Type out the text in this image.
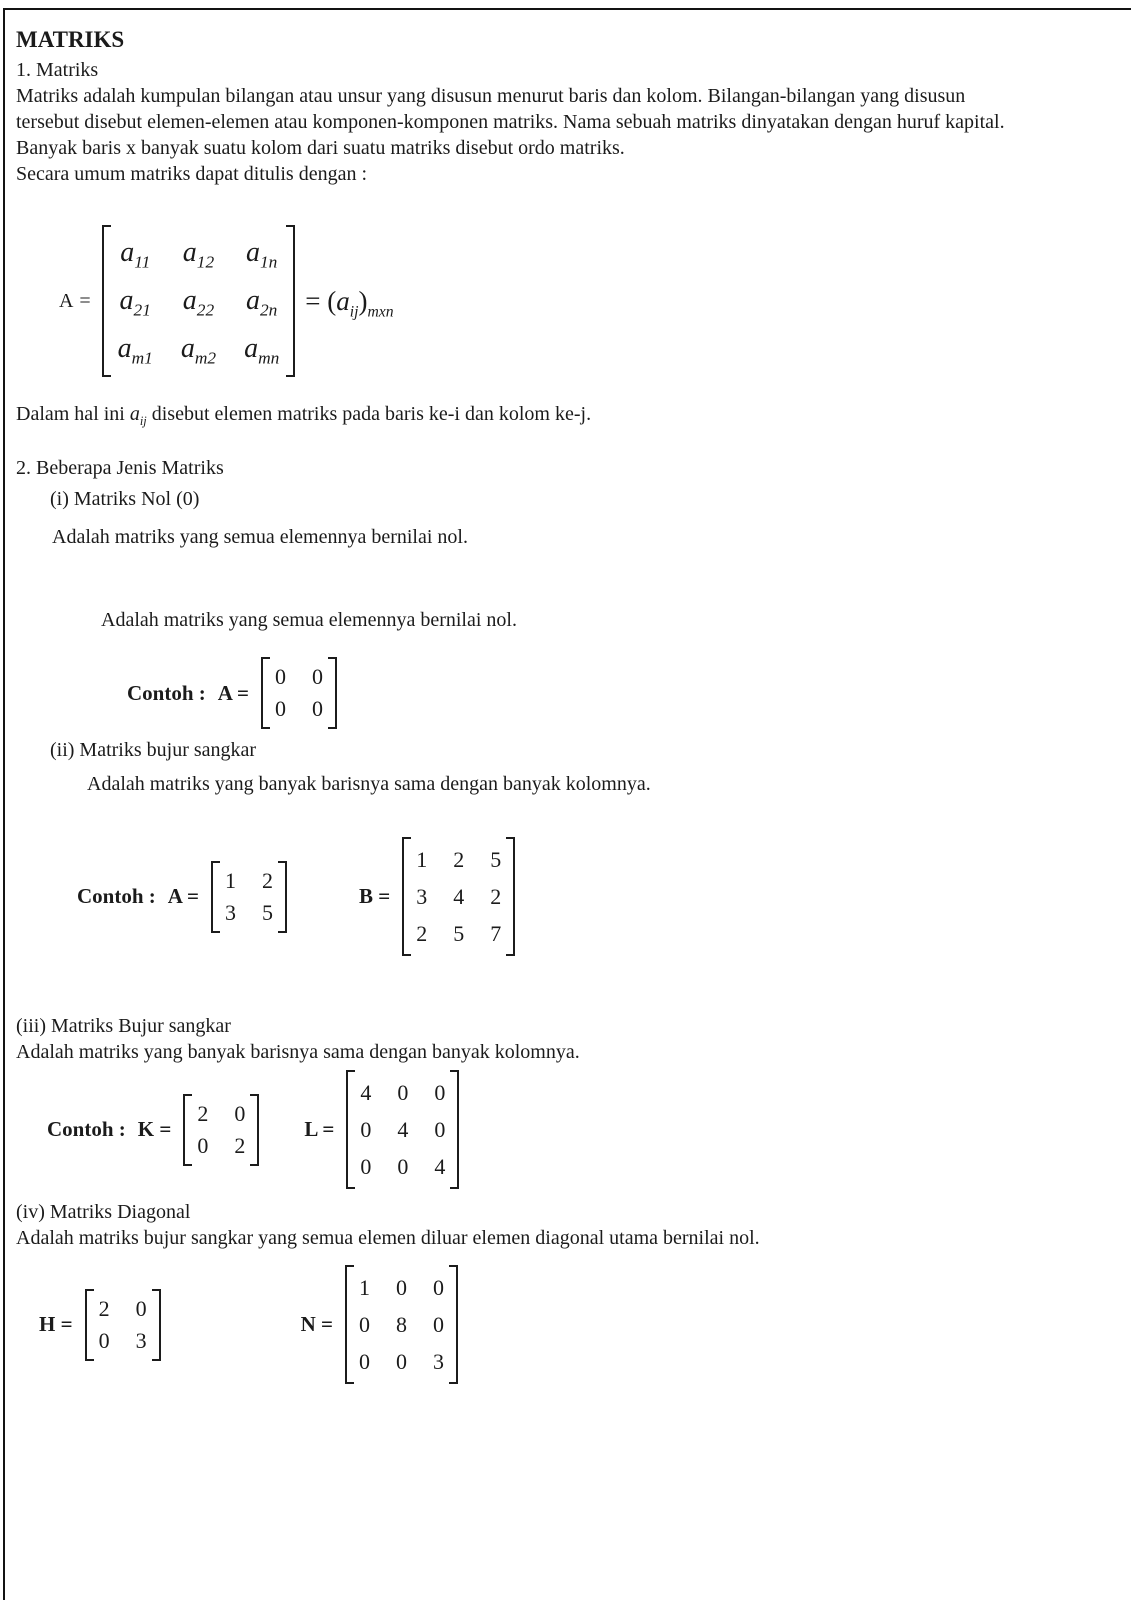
MATRIKS
1. Matriks
Matriks adalah kumpulan bilangan atau unsur yang disusun menurut baris dan kolom. Bilangan-bilangan yang disusun
tersebut disebut elemen-elemen atau komponen-komponen matriks. Nama sebuah matriks dinyatakan dengan huruf kapital.
Banyak baris x banyak suatu kolom dari suatu matriks disebut ordo matriks.
Secara umum matriks dapat ditulis dengan :
A =
$a_{11}$ $a_{12}$ $a_{1n}$
$a_{21}$ $a_{22}$ $a_{2n}$
$a_{m1}$ $a_{m2}$ $a_{mn}$
= $(a_{ij})_{mxn}$
Dalam hal ini $a_{ij}$ disebut elemen matriks pada baris ke-i dan kolom ke-j.
2. Beberapa Jenis Matriks
(i) Matriks Nol (0)
Adalah matriks yang semua elemennya bernilai nol.
Adalah matriks yang semua elemennya bernilai nol.
Contoh : A =
0 0
0 0
(ii) Matriks bujur sangkar
Adalah matriks yang banyak barisnya sama dengan banyak kolomnya.
Contoh : A =
1 2
3 5
B =
1 2 5
3 4 2
2 5 7
(iii) Matriks Bujur sangkar
Adalah matriks yang banyak barisnya sama dengan banyak kolomnya.
Contoh : K =
2 0
0 2
L =
4 0 0
0 4 0
0 0 4
(iv) Matriks Diagonal
Adalah matriks bujur sangkar yang semua elemen diluar elemen diagonal utama bernilai nol.
H =
2 0
0 3
N =
1 0 0
0 8 0
0 0 3
